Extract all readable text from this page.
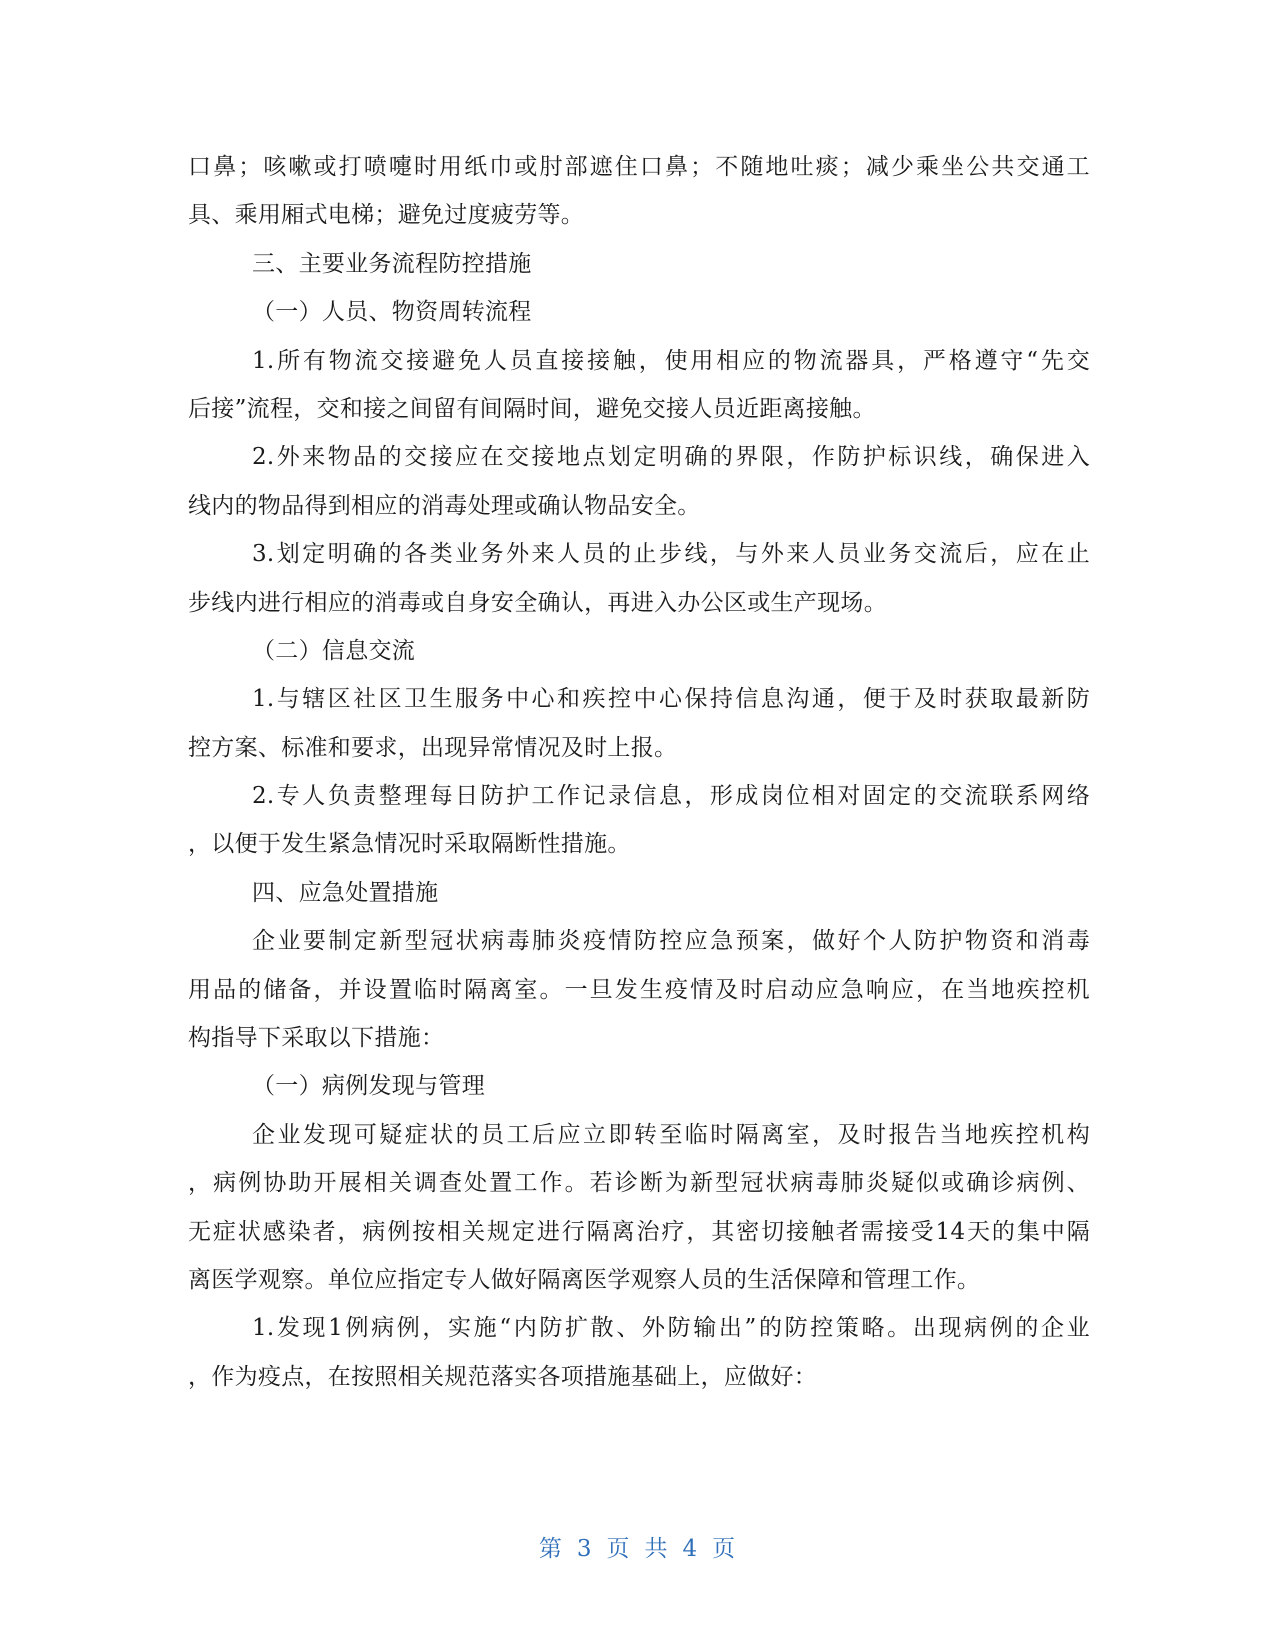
口鼻；咳嗽或打喷嚏时用纸巾或肘部遮住口鼻；不随地吐痰；减少乘坐公共交通工
具、乘用厢式电梯；避免过度疲劳等。
三、主要业务流程防控措施
（一）人员、物资周转流程
1.所有物流交接避免人员直接接触，使用相应的物流器具，严格遵守“先交
后接”流程，交和接之间留有间隔时间，避免交接人员近距离接触。
2.外来物品的交接应在交接地点划定明确的界限，作防护标识线，确保进入
线内的物品得到相应的消毒处理或确认物品安全。
3.划定明确的各类业务外来人员的止步线，与外来人员业务交流后，应在止
步线内进行相应的消毒或自身安全确认，再进入办公区或生产现场。
（二）信息交流
1.与辖区社区卫生服务中心和疾控中心保持信息沟通，便于及时获取最新防
控方案、标准和要求，出现异常情况及时上报。
2.专人负责整理每日防护工作记录信息，形成岗位相对固定的交流联系网络
，以便于发生紧急情况时采取隔断性措施。
四、应急处置措施
企业要制定新型冠状病毒肺炎疫情防控应急预案，做好个人防护物资和消毒
用品的储备，并设置临时隔离室。一旦发生疫情及时启动应急响应，在当地疾控机
构指导下采取以下措施：
（一）病例发现与管理
企业发现可疑症状的员工后应立即转至临时隔离室，及时报告当地疾控机构
，病例协助开展相关调查处置工作。若诊断为新型冠状病毒肺炎疑似或确诊病例、
无症状感染者，病例按相关规定进行隔离治疗，其密切接触者需接受14天的集中隔
离医学观察。单位应指定专人做好隔离医学观察人员的生活保障和管理工作。
1.发现1例病例，实施“内防扩散、外防输出”的防控策略。出现病例的企业
，作为疫点，在按照相关规范落实各项措施基础上，应做好：
第 3 页 共 4 页
